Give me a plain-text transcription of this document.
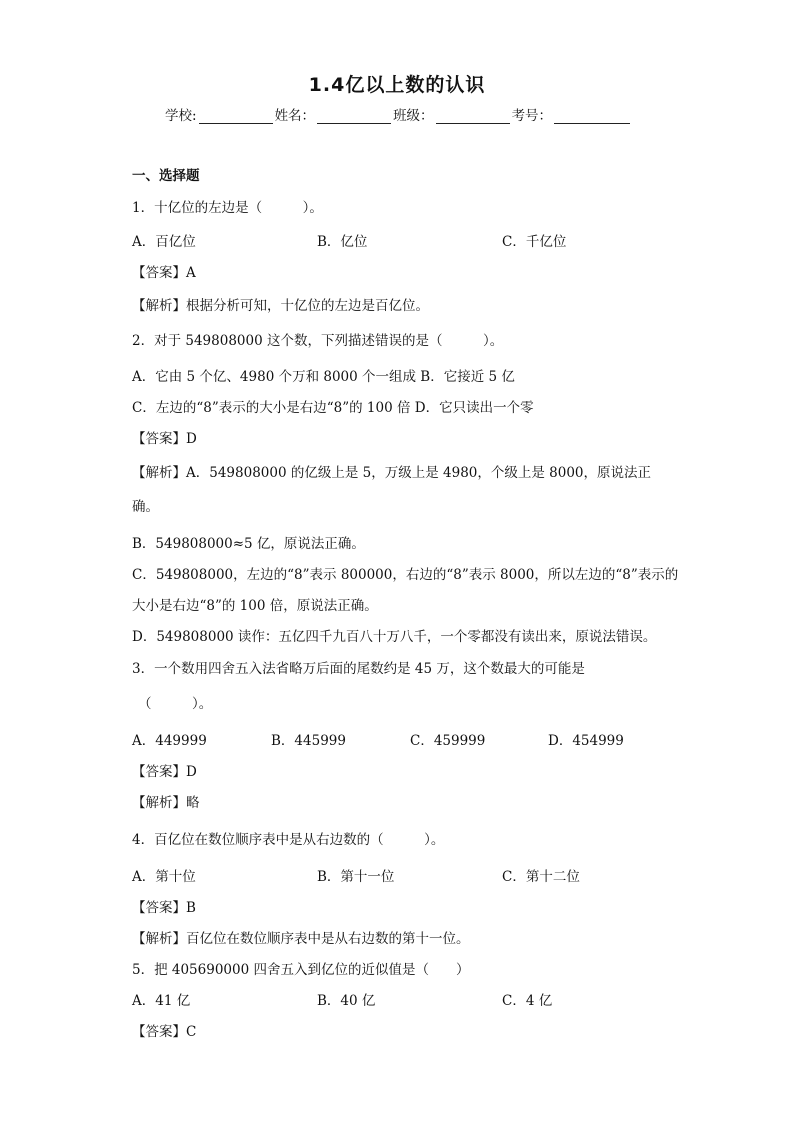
1.4亿以上数的认识
学校:	姓名：	班级：	考号：
一、选择题
1．十亿位的左边是（　　　）。
A．百亿位	B．亿位	C．千亿位
【答案】A
【解析】根据分析可知，十亿位的左边是百亿位。
2．对于 549808000 这个数，下列描述错误的是（　　　）。
A．它由 5 个亿、4980 个万和 8000 个一组成 B．它接近 5 亿
C．左边的“8”表示的大小是右边“8”的 100 倍 D．它只读出一个零
【答案】D
【解析】A．549808000 的亿级上是 5，万级上是 4980，个级上是 8000，原说法正
确。
B．549808000≈5 亿，原说法正确。
C．549808000，左边的“8”表示 800000，右边的“8”表示 8000，所以左边的“8”表示的
大小是右边“8”的 100 倍，原说法正确。
D．549808000 读作：五亿四千九百八十万八千，一个零都没有读出来，原说法错误。
3．一个数用四舍五入法省略万后面的尾数约是 45 万，这个数最大的可能是
（　　　）。
A．449999	B．445999	C．459999	D．454999
【答案】D
【解析】略
4．百亿位在数位顺序表中是从右边数的（　　　）。
A．第十位	B．第十一位	C．第十二位
【答案】B
【解析】百亿位在数位顺序表中是从右边数的第十一位。
5．把 405690000 四舍五入到亿位的近似值是（　　）
A．41 亿	B．40 亿	C．4 亿
【答案】C
